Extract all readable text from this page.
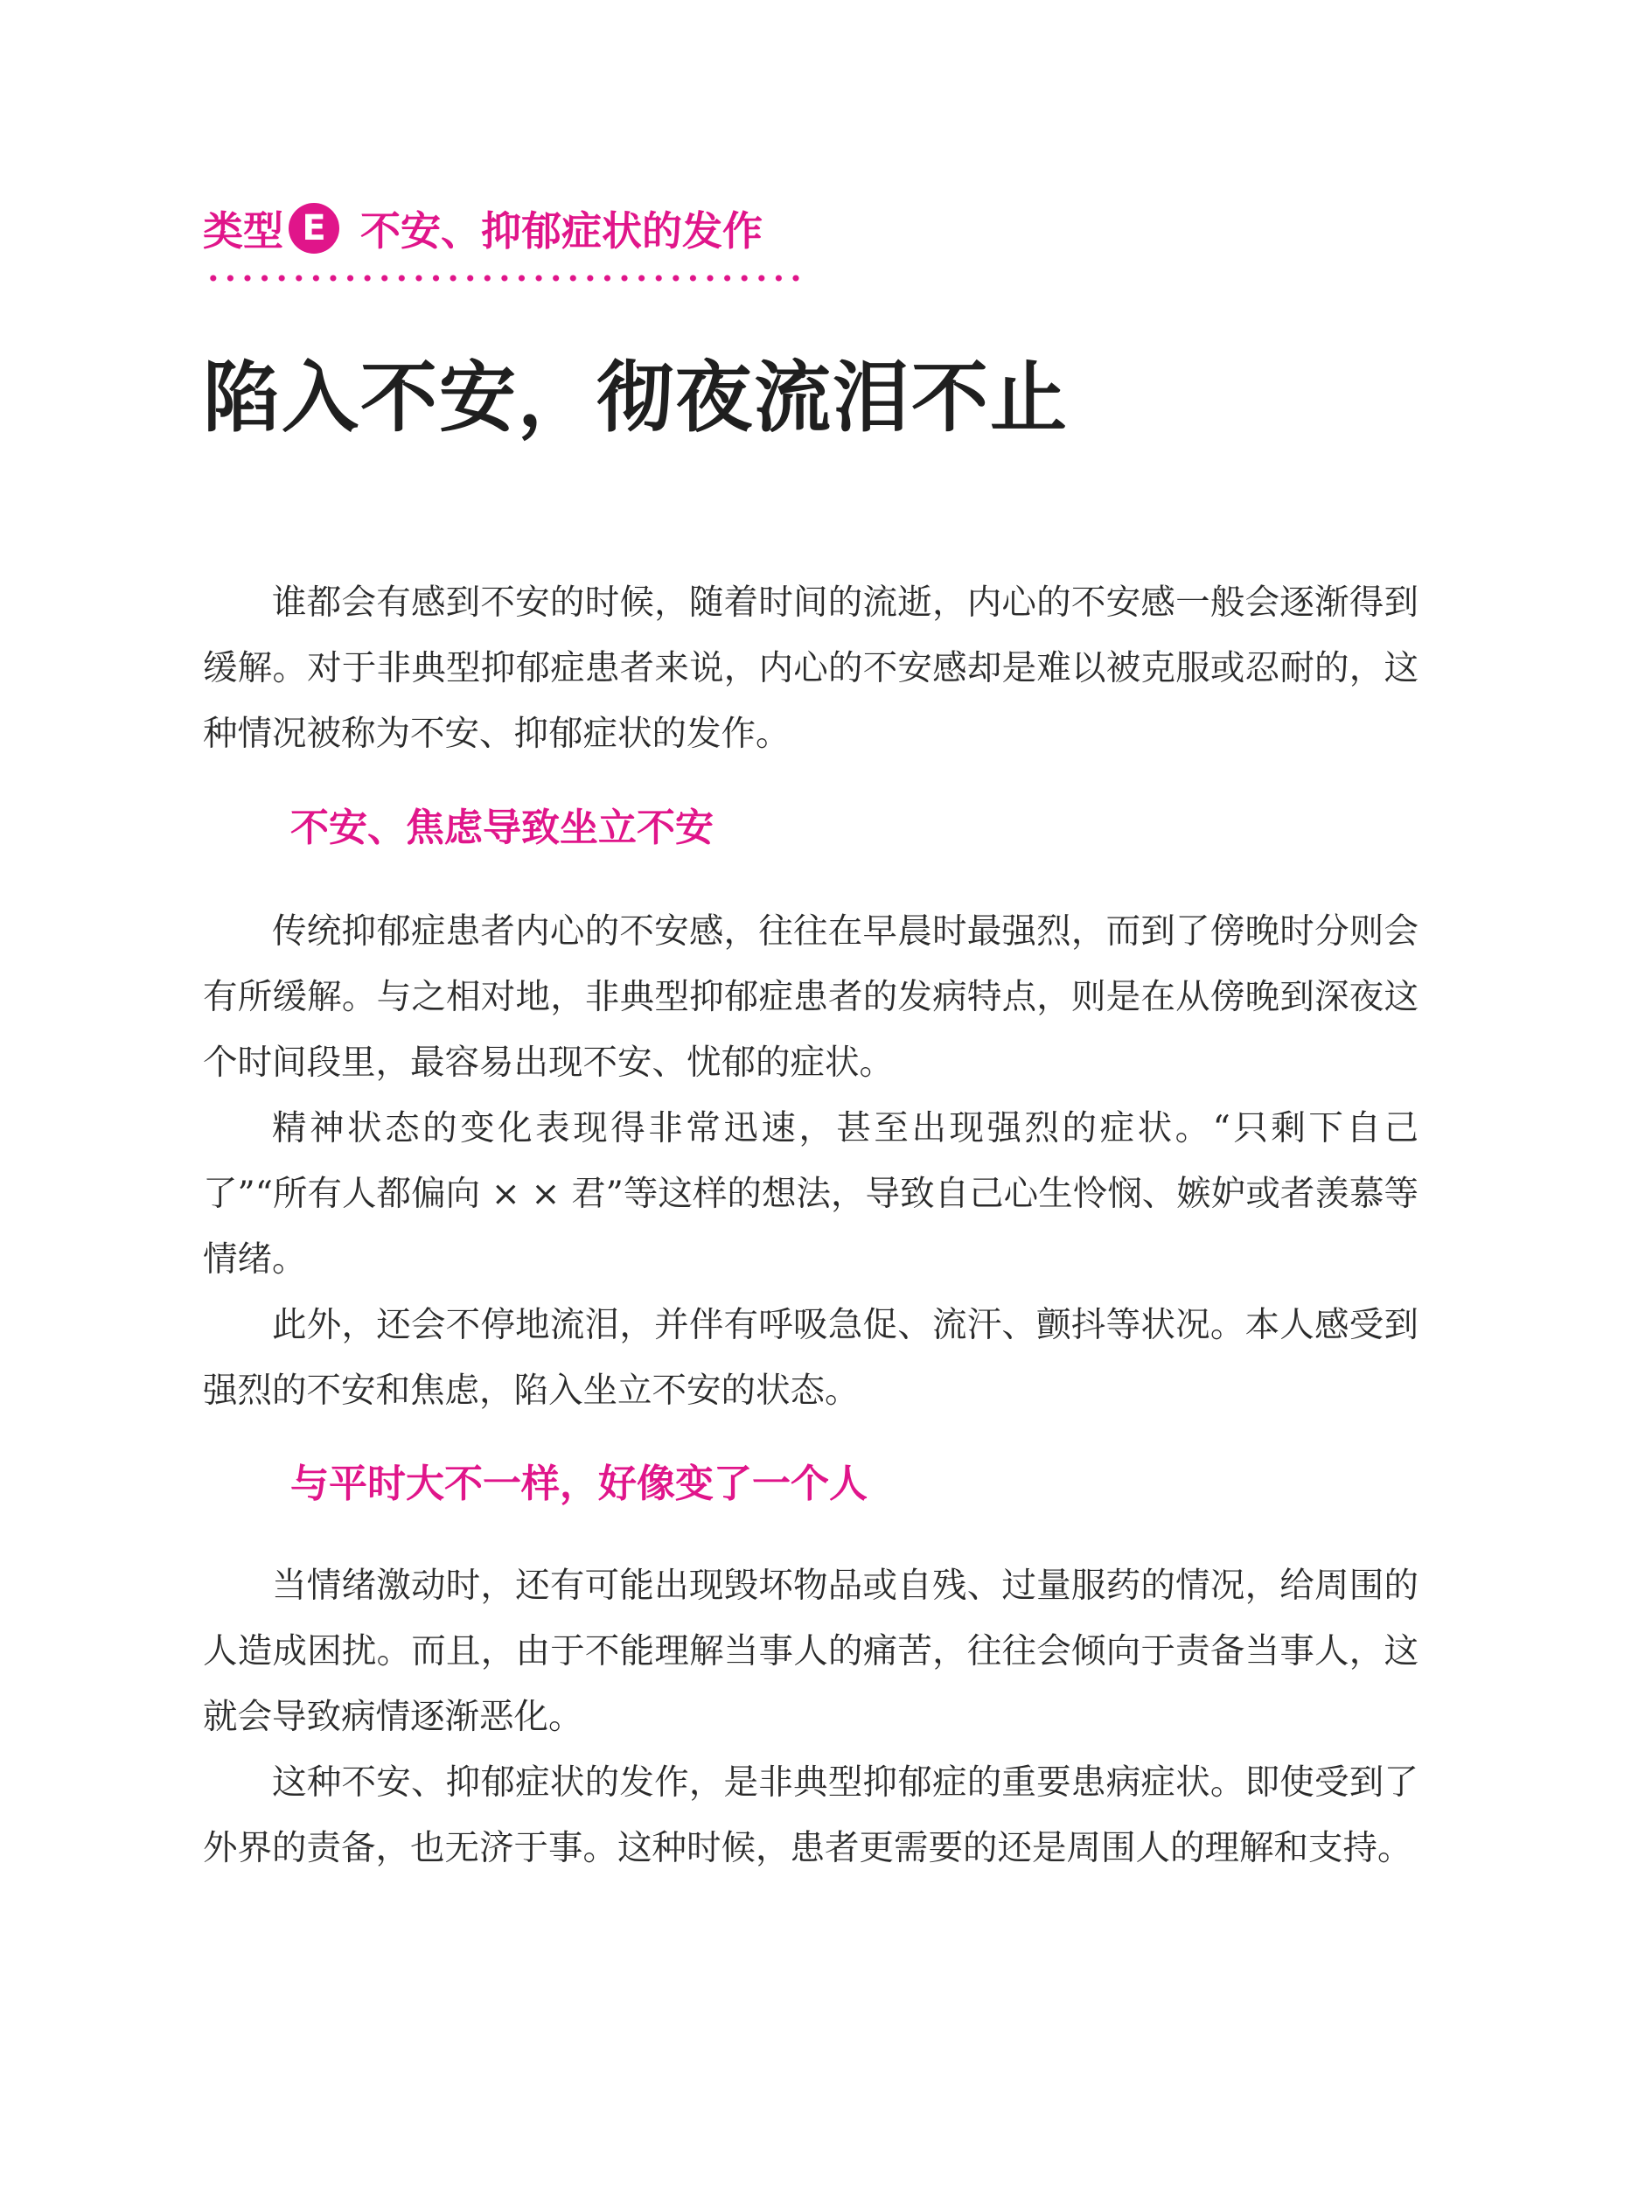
类型 E 不安、抑郁症状的发作
陷入不安，彻夜流泪不止

谁都会有感到不安的时候，随着时间的流逝，内心的不安感一般会逐渐得到缓解。对于非典型抑郁症患者来说，内心的不安感却是难以被克服或忍耐的，这种情况被称为不安、抑郁症状的发作。

不安、焦虑导致坐立不安

传统抑郁症患者内心的不安感，往往在早晨时最强烈，而到了傍晚时分则会有所缓解。与之相对地，非典型抑郁症患者的发病特点，则是在从傍晚到深夜这个时间段里，最容易出现不安、忧郁的症状。

精神状态的变化表现得非常迅速，甚至出现强烈的症状。“只剩下自己了”“所有人都偏向 × × 君”等这样的想法，导致自己心生怜悯、嫉妒或者羡慕等情绪。

此外，还会不停地流泪，并伴有呼吸急促、流汗、颤抖等状况。本人感受到强烈的不安和焦虑，陷入坐立不安的状态。

与平时大不一样，好像变了一个人

当情绪激动时，还有可能出现毁坏物品或自残、过量服药的情况，给周围的人造成困扰。而且，由于不能理解当事人的痛苦，往往会倾向于责备当事人，这就会导致病情逐渐恶化。

这种不安、抑郁症状的发作，是非典型抑郁症的重要患病症状。即使受到了外界的责备，也无济于事。这种时候，患者更需要的还是周围人的理解和支持。
